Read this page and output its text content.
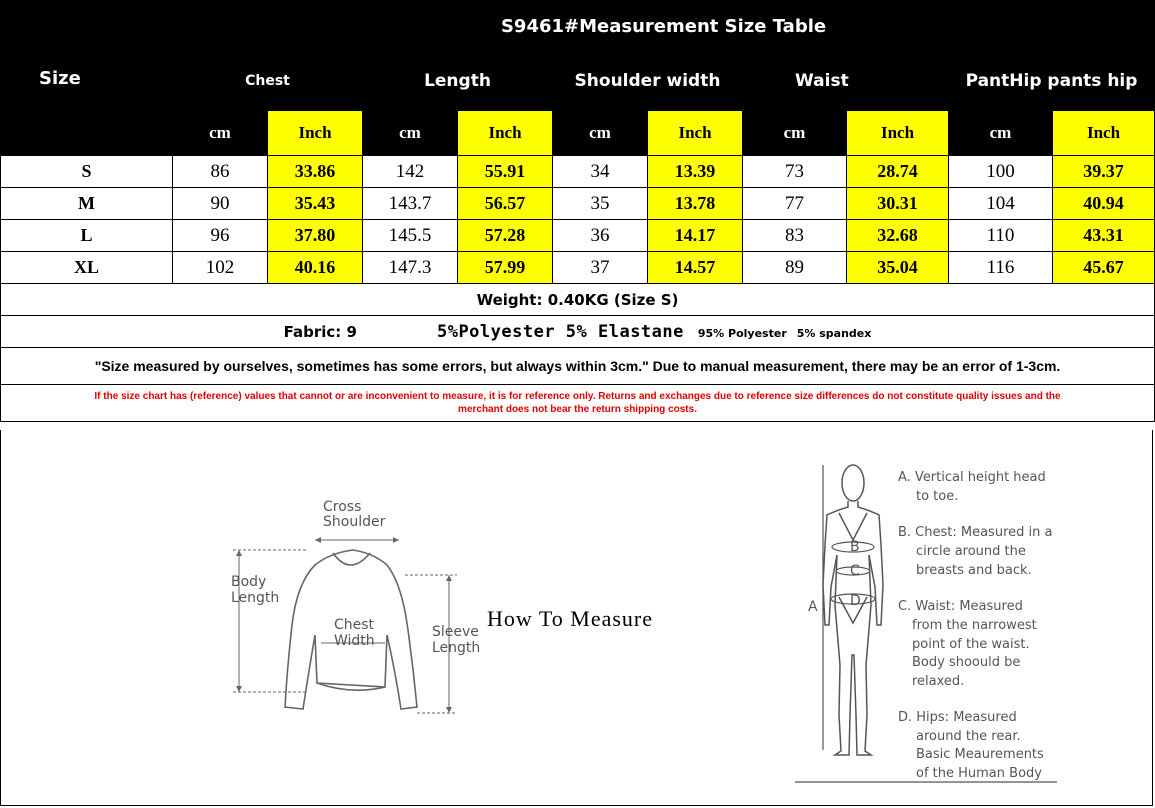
Size	S9461#Measurement Size Table									
	Chest		Length		Shoulder width		Waist		PantHip pants hip	
	cm	Inch	cm	Inch	cm	Inch	cm	Inch	cm	Inch
S	86	33.86	142	55.91	34	13.39	73	28.74	100	39.37
M	90	35.43	143.7	56.57	35	13.78	77	30.31	104	40.94
L	96	37.80	145.5	57.28	36	14.17	83	32.68	110	43.31
XL	102	40.16	147.3	57.99	37	14.57	89	35.04	116	45.67
Weight: 0.40KG (Size S)										
Fabric: 9 5%Polyester 5% Elastane 95% Polyester 5% spandex										
"Size measured by ourselves, sometimes has some errors, but always within 3cm." Due to manual measurement, there may be an error of 1-3cm.										

If the size chart has (reference) values that cannot or are inconvenient to measure, it is for reference only. Returns and exchanges due to reference size differences do not constitute quality issues and the merchant does not bear the return shipping costs.										
Cross
Shoulder
Body
Length
Chest
Width
Sleeve
Length
How To Measure	A
B
C
D
A. Vertical height head
to toe.
B. Chest: Measured in a
circle around the
breasts and back.
C. Waist: Measured
from the narrowest
point of the waist.
Body shoould be
relaxed.
D. Hips: Measured
around the rear.
Basic Meaurements
of the Human Body
